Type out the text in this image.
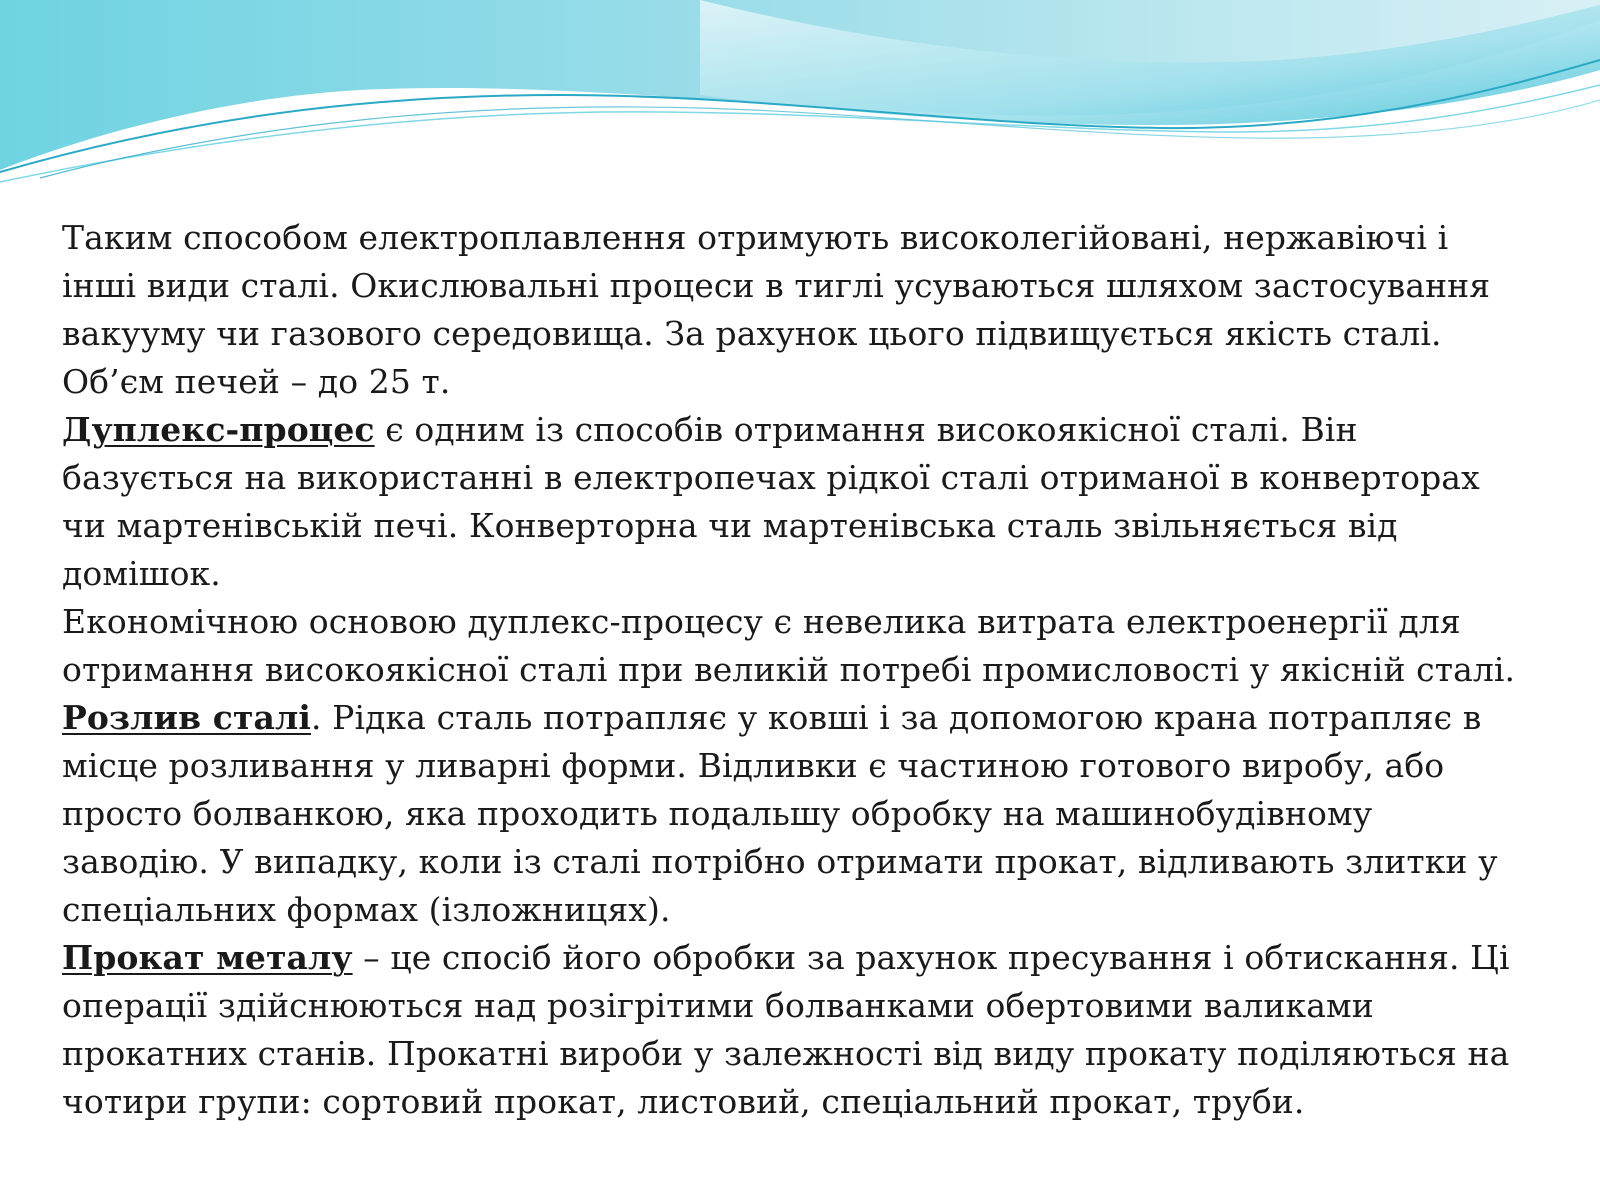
Таким способом електроплавлення отримують високолегійовані, нержавіючі і
інші види сталі. Окислювальні процеси в тиглі усуваються шляхом застосування
вакууму чи газового середовища. За рахунок цього підвищується якість сталі.
Об’єм печей – до 25 т.
Дуплекс-процес є одним із способів отримання високоякісної сталі. Він
базується на використанні в електропечах рідкої сталі отриманої в конверторах
чи мартенівській печі. Конверторна чи мартенівська сталь звільняється від
домішок.
Економічною основою дуплекс-процесу є невелика витрата електроенергії для
отримання високоякісної сталі при великій потребі промисловості у якісній сталі.
Розлив сталі. Рідка сталь потрапляє у ковші і за допомогою крана потрапляє в
місце розливання у ливарні форми. Відливки є частиною готового виробу, або
просто болванкою, яка проходить подальшу обробку на машинобудівному
заводію. У випадку, коли із сталі потрібно отримати прокат, відливають злитки у
спеціальних формах (ізложницях).
Прокат металу – це спосіб його обробки за рахунок пресування і обтискання. Ці
операції здійснюються над розігрітими болванками обертовими валиками
прокатних станів. Прокатні вироби у залежності від виду прокату поділяються на
чотири групи: сортовий прокат, листовий, спеціальний прокат, труби.
